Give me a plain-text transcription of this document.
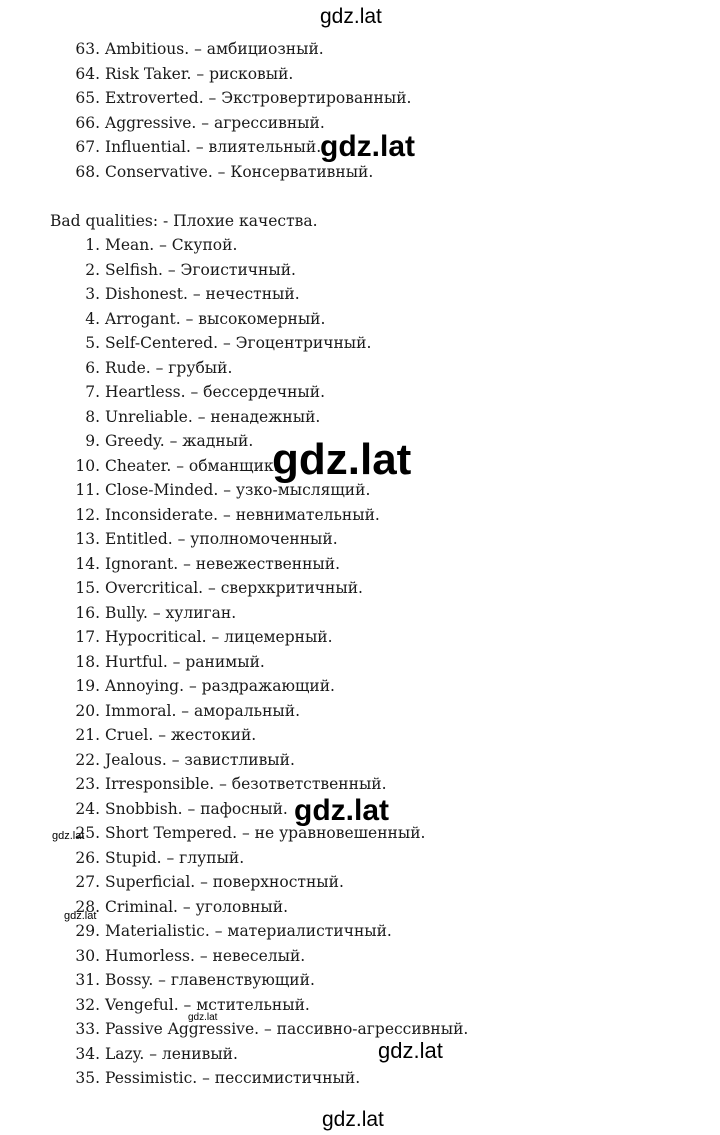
gdz.lat
63. Ambitious. – амбициозный.
64. Risk Taker. – рисковый.
65. Extroverted. – Экстровертированный.
66. Aggressive. – агрессивный.
67. Influential. – влиятельный.
68. Conservative. – Консервативный.
Bad qualities: - Плохие качества.
1. Mean. – Скупой.
2. Selfish. – Эгоистичный.
3. Dishonest. – нечестный.
4. Arrogant. – высокомерный.
5. Self-Centered. – Эгоцентричный.
6. Rude. – грубый.
7. Heartless. – бессердечный.
8. Unreliable. – ненадежный.
9. Greedy. – жадный.
10. Cheater. – обманщик.
11. Close-Minded. – узко-мыслящий.
12. Inconsiderate. – невнимательный.
13. Entitled. – уполномоченный.
14. Ignorant. – невежественный.
15. Overcritical. – сверхкритичный.
16. Bully. – хулиган.
17. Hypocritical. – лицемерный.
18. Hurtful. – ранимый.
19. Annoying. – раздражающий.
20. Immoral. – аморальный.
21. Cruel. – жестокий.
22. Jealous. – завистливый.
23. Irresponsible. – безответственный.
24. Snobbish. – пафосный.
25. Short Tempered. – не уравновешенный.
26. Stupid. – глупый.
27. Superficial. – поверхностный.
28. Criminal. – уголовный.
29. Materialistic. – материалистичный.
30. Humorless. – невеселый.
31. Bossy. – главенствующий.
32. Vengeful. – мстительный.
33. Passive Aggressive. – пассивно-агрессивный.
34. Lazy. – ленивый.
35. Pessimistic. – пессимистичный.
gdz.lat
gdz.lat
gdz.lat
gdz.lat
gdz.lat
gdz.lat
gdz.lat
gdz.lat
